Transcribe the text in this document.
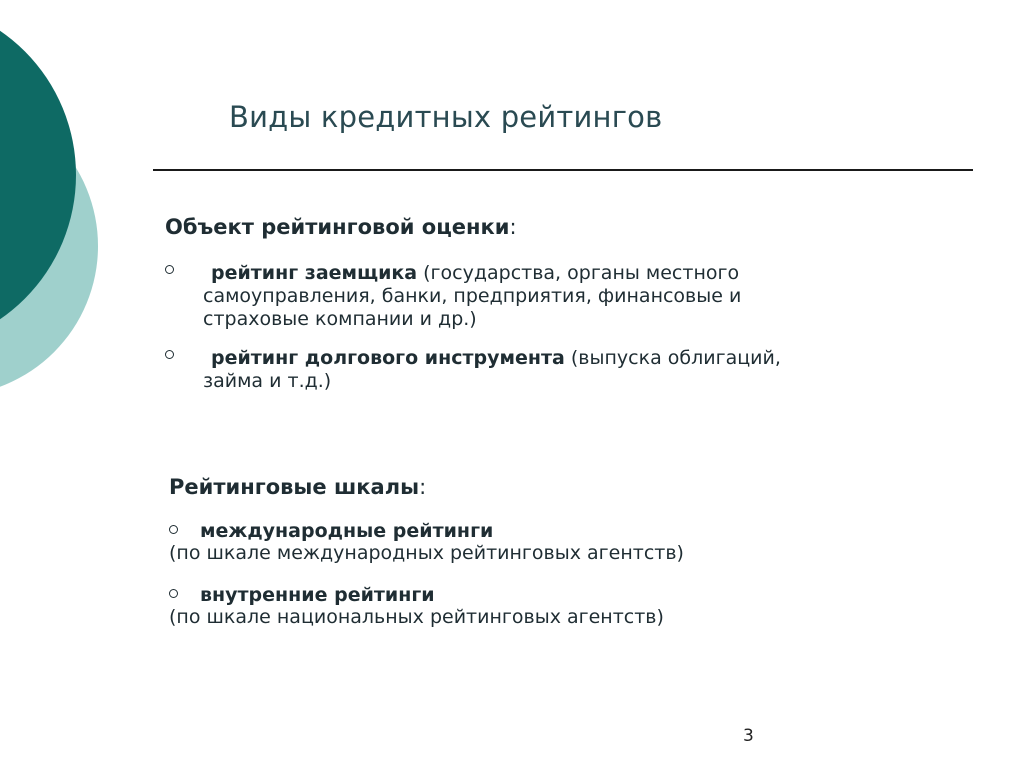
Виды кредитных рейтингов
Объект рейтинговой оценки:
рейтинг заемщика (государства, органы местного
самоуправления, банки, предприятия, финансовые и
страховые компании и др.)
рейтинг долгового инструмента (выпуска облигаций,
займа и т.д.)
Рейтинговые шкалы:
международные рейтинги
(по шкале международных рейтинговых агентств)
внутренние рейтинги
(по шкале национальных рейтинговых агентств)
3
